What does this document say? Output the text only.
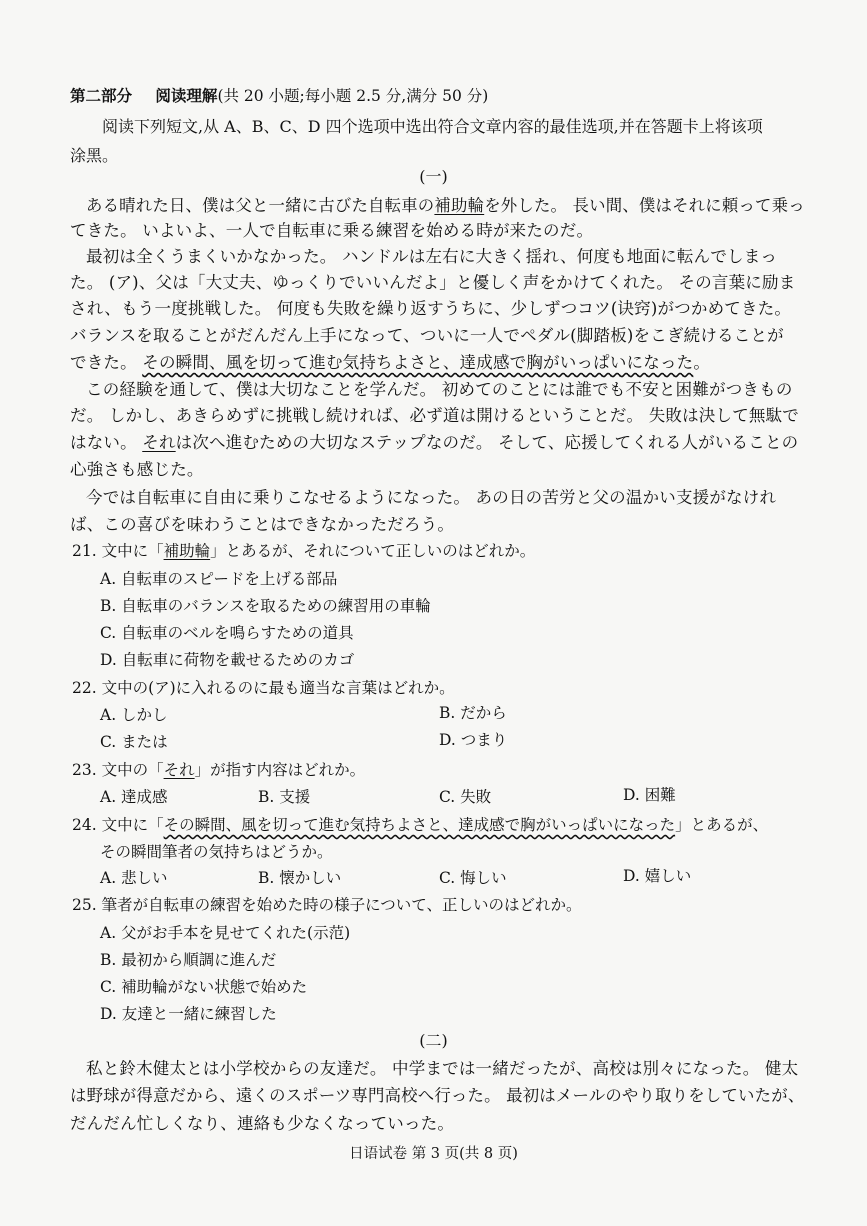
第二部分 阅读理解(共 20 小题;每小题 2.5 分,满分 50 分)
阅读下列短文,从 A、B、C、D 四个选项中选出符合文章内容的最佳选项,并在答题卡上将该项
涂黑。
(一)
ある晴れた日、僕は父と一緒に古びた自転車の補助輪を外した。 長い間、僕はそれに頼って乗っ
てきた。 いよいよ、一人で自転車に乗る練習を始める時が来たのだ。
最初は全くうまくいかなかった。 ハンドルは左右に大きく揺れ、何度も地面に転んでしまっ
た。 (ア)、父は「大丈夫、ゆっくりでいいんだよ」と優しく声をかけてくれた。 その言葉に励ま
され、もう一度挑戦した。 何度も失敗を繰り返すうちに、少しずつコツ(诀窍)がつかめてきた。
バランスを取ることがだんだん上手になって、ついに一人でペダル(脚踏板)をこぎ続けることが
できた。 その瞬間、風を切って進む気持ちよさと、達成感で胸がいっぱいになった。
この経験を通して、僕は大切なことを学んだ。 初めてのことには誰でも不安と困難がつきもの
だ。 しかし、あきらめずに挑戦し続ければ、必ず道は開けるということだ。 失敗は決して無駄で
はない。 それは次へ進むための大切なステップなのだ。 そして、応援してくれる人がいることの
心強さも感じた。
今では自転車に自由に乗りこなせるようになった。 あの日の苦労と父の温かい支援がなけれ
ば、この喜びを味わうことはできなかっただろう。
21. 文中に「補助輪」とあるが、それについて正しいのはどれか。
A. 自転車のスピードを上げる部品
B. 自転車のバランスを取るための練習用の車輪
C. 自転車のベルを鳴らすための道具
D. 自転車に荷物を載せるためのカゴ
22. 文中の(ア)に入れるのに最も適当な言葉はどれか。
A. しかし	B. だから
C. または	D. つまり
23. 文中の「それ」が指す内容はどれか。
A. 達成感	B. 支援	C. 失敗	D. 困難
24. 文中に「その瞬間、風を切って進む気持ちよさと、達成感で胸がいっぱいになった」とあるが、
その瞬間筆者の気持ちはどうか。
A. 悲しい	B. 懐かしい	C. 悔しい	D. 嬉しい
25. 筆者が自転車の練習を始めた時の様子について、正しいのはどれか。
A. 父がお手本を見せてくれた(示范)
B. 最初から順調に進んだ
C. 補助輪がない状態で始めた
D. 友達と一緒に練習した
(二)
私と鈴木健太とは小学校からの友達だ。 中学までは一緒だったが、高校は別々になった。 健太
は野球が得意だから、遠くのスポーツ専門高校へ行った。 最初はメールのやり取りをしていたが、
だんだん忙しくなり、連絡も少なくなっていった。
日语试卷 第 3 页(共 8 页)
